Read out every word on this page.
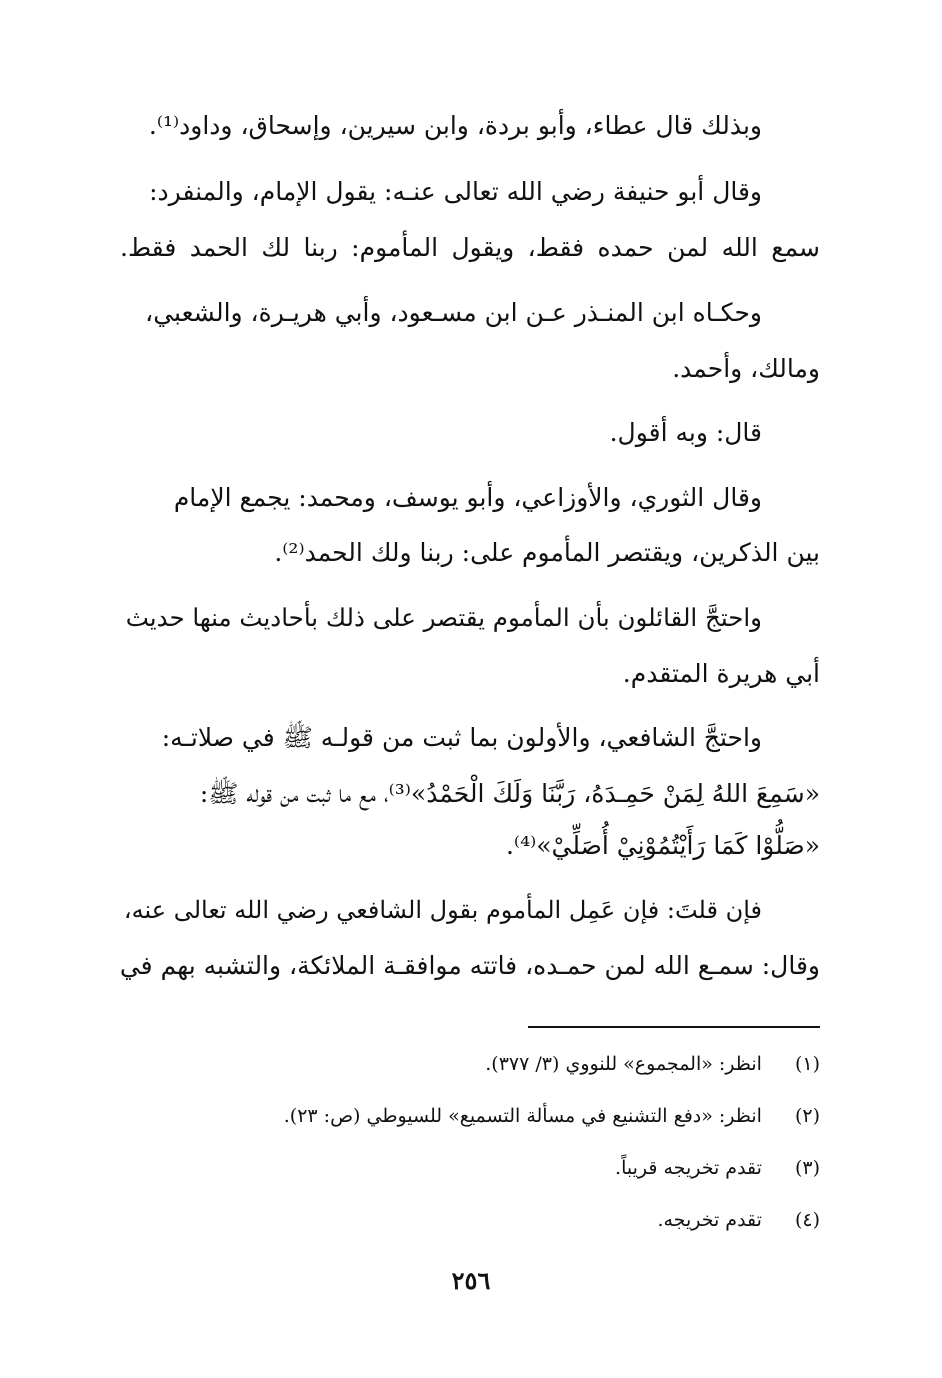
وبذلك قال عطاء، وأبو بردة، وابن سيرين، وإسحاق، وداود⁽¹⁾.
وقال أبو حنيفة رضي الله تعالى عنـه: يقول الإمام، والمنفرد:
سمع الله لمن حمده فقط، ويقول المأموم: ربنا لك الحمد فقط.
وحكـاه ابن المنـذر عـن ابن مسـعود، وأبي هريـرة، والشعبي،
ومالك، وأحمد.
قال: وبه أقول.
وقال الثوري، والأوزاعي، وأبو يوسف، ومحمد: يجمع الإمام
بين الذكرين، ويقتصر المأموم على: ربنا ولك الحمد⁽²⁾.
واحتجَّ القائلون بأن المأموم يقتصر على ذلك بأحاديث منها حديث
أبي هريرة المتقدم.
واحتجَّ الشافعي، والأولون بما ثبت من قولـه ﷺ في صلاتـه:
«سَمِعَ اللهُ لِمَنْ حَمِـدَهُ، رَبَّنَا وَلَكَ الْحَمْدُ»⁽³⁾، مع ما ثبت من قوله ﷺ:
«صَلُّوْا كَمَا رَأَيْتُمُوْنِيْ أُصَلِّيْ»⁽⁴⁾.
فإن قلتَ: فإن عَمِل المأموم بقول الشافعي رضي الله تعالى عنه،
وقال: سمـع الله لمن حمـده، فاتته موافقـة الملائكة، والتشبه بهم في
(١) انظر: «المجموع» للنووي (٣/ ٣٧٧).
(٢) انظر: «دفع التشنيع في مسألة التسميع» للسيوطي (ص: ٢٣).
(٣) تقدم تخريجه قريباً.
(٤) تقدم تخريجه.
٢٥٦
